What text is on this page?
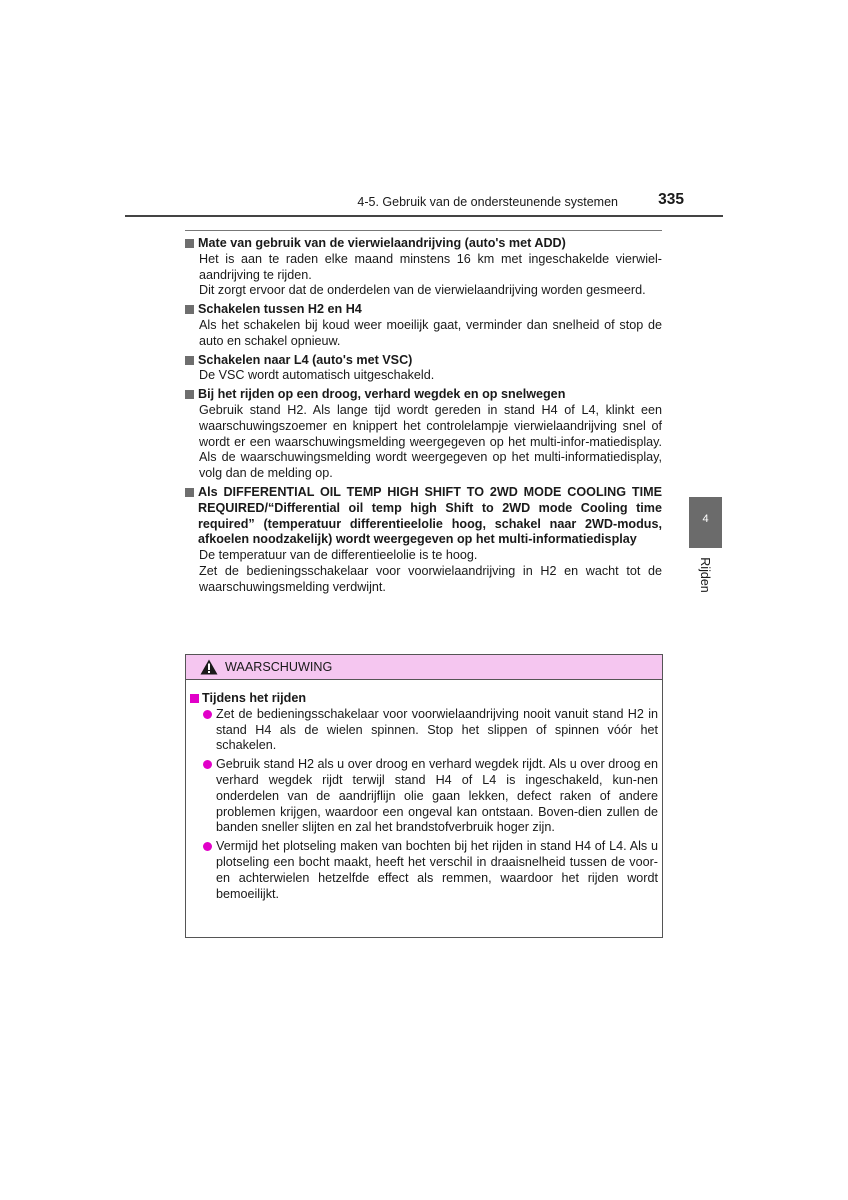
4-5. Gebruik van de ondersteunende systemen	335
Mate van gebruik van de vierwielaandrijving (auto's met ADD)

Het is aan te raden elke maand minstens 16 km met ingeschakelde vierwiel-aandrijving te rijden.

Dit zorgt ervoor dat de onderdelen van de vierwielaandrijving worden gesmeerd.

Schakelen tussen H2 en H4

Als het schakelen bij koud weer moeilijk gaat, verminder dan snelheid of stop de auto en schakel opnieuw.

Schakelen naar L4 (auto's met VSC)

De VSC wordt automatisch uitgeschakeld.

Bij het rijden op een droog, verhard wegdek en op snelwegen

Gebruik stand H2. Als lange tijd wordt gereden in stand H4 of L4, klinkt een waarschuwingszoemer en knippert het controlelampje vierwielaandrijving snel of wordt er een waarschuwingsmelding weergegeven op het multi-infor-matiedisplay. Als de waarschuwingsmelding wordt weergegeven op het multi-informatiedisplay, volg dan de melding op.

Als DIFFERENTIAL OIL TEMP HIGH SHIFT TO 2WD MODE COOLING TIME REQUIRED/“Differential oil temp high Shift to 2WD mode Cooling time required” (temperatuur differentieelolie hoog, schakel naar 2WD-modus, afkoelen noodzakelijk) wordt weergegeven op het multi-informatiedisplay

De temperatuur van de differentieelolie is te hoog.

Zet de bedieningsschakelaar voor voorwielaandrijving in H2 en wacht tot de waarschuwingsmelding verdwijnt.

WAARSCHUWING
Tijdens het rijden
Zet de bedieningsschakelaar voor voorwielaandrijving nooit vanuit stand H2 in stand H4 als de wielen spinnen. Stop het slippen of spinnen vóór het schakelen.
Gebruik stand H2 als u over droog en verhard wegdek rijdt. Als u over droog en verhard wegdek rijdt terwijl stand H4 of L4 is ingeschakeld, kun-nen onderdelen van de aandrijflijn olie gaan lekken, defect raken of andere problemen krijgen, waardoor een ongeval kan ontstaan. Boven-dien zullen de banden sneller slijten en zal het brandstofverbruik hoger zijn.
Vermijd het plotseling maken van bochten bij het rijden in stand H4 of L4. Als u plotseling een bocht maakt, heeft het verschil in draaisnelheid tussen de voor- en achterwielen hetzelfde effect als remmen, waardoor het rijden wordt bemoeilijkt.
4
Rijden
